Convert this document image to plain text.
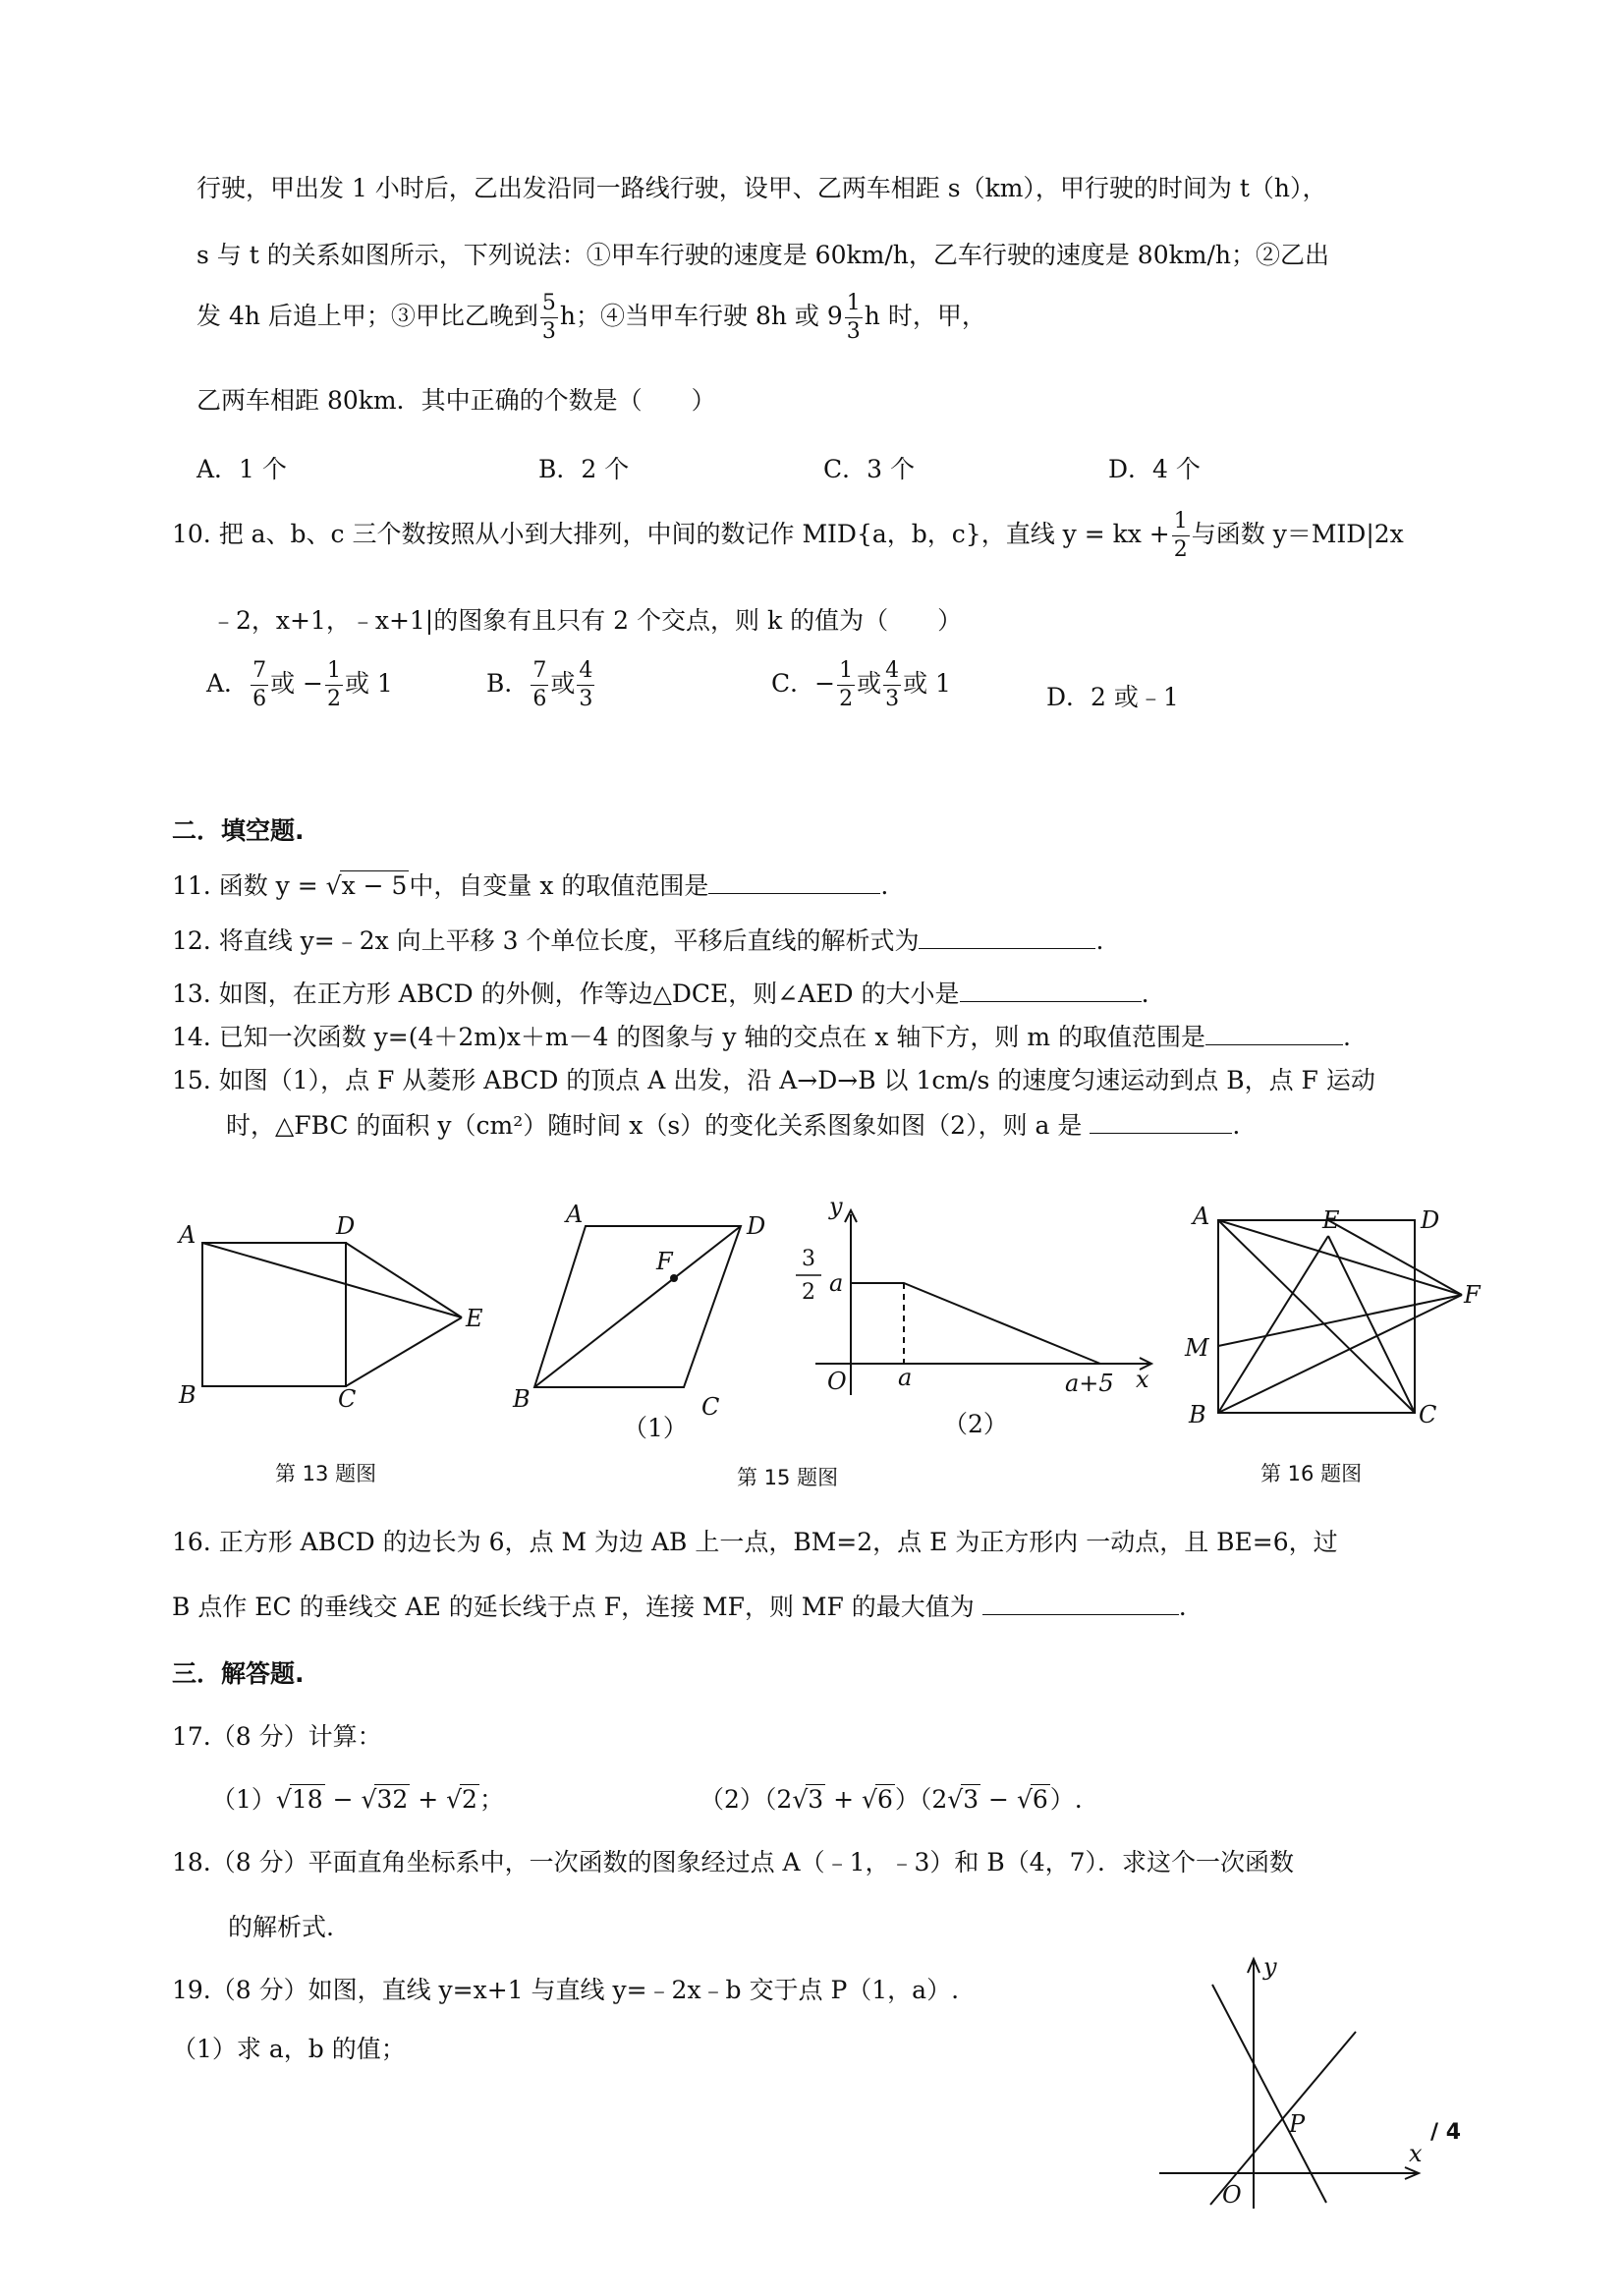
行驶，甲出发 1 小时后，乙出发沿同一路线行驶，设甲、乙两车相距 s（km），甲行驶的时间为 t（h），
s 与 t 的关系如图所示，下列说法：①甲车行驶的速度是 60km/h，乙车行驶的速度是 80km/h；②乙出
发 4h 后追上甲；③甲比乙晚到 $\frac{5}{3}$ h；④当甲车行驶 8h 或 $9 \frac{1}{3}$ h 时，甲，
乙两车相距 80km．其中正确的个数是（　　）
A．1 个	B．2 个	C．3 个	D．4 个
10. 把 a、b、c 三个数按照从小到大排列，中间的数记作 MID{a，b，c}，直线 y = kx + $\frac{1}{2}$ 与函数 y＝MID|2x
﹣2，x+1，﹣x+1|的图象有且只有 2 个交点，则 k 的值为（　　）
A． $\frac{7}{6}$ 或 − $\frac{1}{2}$ 或 1	B． $\frac{7}{6}$ 或 $\frac{4}{3}$	C．− $\frac{1}{2}$ 或 $\frac{4}{3}$ 或 1	D．2 或﹣1
二．填空题.
11. 函数 y = √x − 5中，自变量 x 的取值范围是	.
12. 将直线 y=﹣2x 向上平移 3 个单位长度，平移后直线的解析式为	.
13. 如图，在正方形 ABCD 的外侧，作等边△DCE，则∠AED 的大小是	.
14. 已知一次函数 y=(4＋2m)x＋m－4 的图象与 y 轴的交点在 x 轴下方，则 m 的取值范围是	.
15. 如图（1），点 F 从菱形 ABCD 的顶点 A 出发，沿 A→D→B 以 1cm/s 的速度匀速运动到点 B，点 F 运动
时，△FBC 的面积 y（cm²）随时间 x（s）的变化关系图象如图（2），则 a 是	.
A	D
E
B	C
A	D
F
B	C
y
3
2 a
O a	a+5 x
A	E	D
F
M
B	C
第 13 题图
（1）	（2）
第 15 题图	第 16 题图
16. 正方形 ABCD 的边长为 6，点 M 为边 AB 上一点，BM=2，点 E 为正方形内 一动点，且 BE=6，过
B 点作 EC 的垂线交 AE 的延长线于点 F，连接 MF，则 MF 的最大值为	.
三．解答题.
17.（8 分）计算：
（1）√18 − √32 + √2；	（2）（2√3 + √6）（2√3 − √6）.
18.（8 分）平面直角坐标系中，一次函数的图象经过点 A（﹣1，﹣3）和 B（4，7）．求这个一次函数
的解析式.
19.（8 分）如图，直线 y=x+1 与直线 y=﹣2x﹣b 交于点 P（1，a）.
（1）求 a，b 的值；
y
P
x
O
/ 4
